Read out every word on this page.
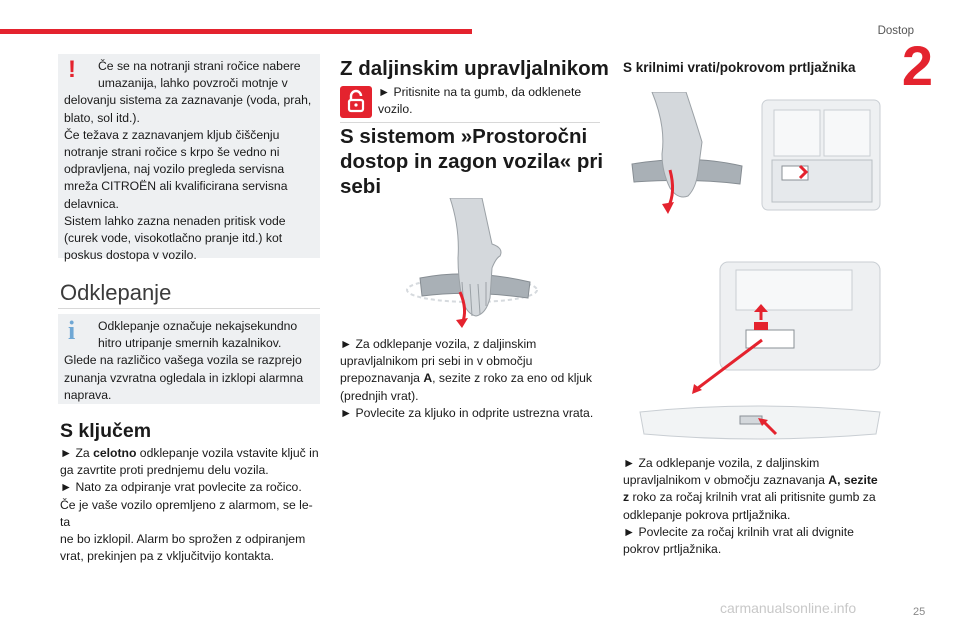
Dostop
2
!	Če se na notranji strani ročice nabere

umazanija, lahko povzroči motnje v

delovanju sistema za zaznavanje (voda, prah,

blato, sol itd.).

Če težava z zaznavanjem kljub čiščenju

notranje strani ročice s krpo še vedno ni

odpravljena, naj vozilo pregleda servisna

mreža CITROËN ali kvalificirana servisna

delavnica.

Sistem lahko zazna nenaden pritisk vode

(curek vode, visokotlačno pranje itd.) kot

poskus dostopa v vozilo.

Odklepanje
i	Odklepanje označuje nekajsekundno

hitro utripanje smernih kazalnikov.

Glede na različico vašega vozila se razprejo

zunanja vzvratna ogledala in izklopi alarmna

naprava.

S ključem

► Za celotno odklepanje vozila vstavite ključ in

ga zavrtite proti prednjemu delu vozila.

► Nato za odpiranje vrat povlecite za ročico.

Če je vaše vozilo opremljeno z alarmom, se le-ta

ne bo izklopil. Alarm bo sprožen z odpiranjem

vrat, prekinjen pa z vključitvijo kontakta.

Z daljinskim upravljalnikom

► Pritisnite na ta gumb, da odklenete

vozilo.

S sistemom »Prostoročni
dostop in zagon vozila« pri
sebi

► Za odklepanje vozila, z daljinskim

upravljalnikom pri sebi in v območju

prepoznavanja A, sezite z roko za eno od kljuk

(prednjih vrat).

► Povlecite za kljuko in odprite ustrezna vrata.

S krilnimi vrati/pokrovom prtljažnika

► Za odklepanje vozila, z daljinskim

upravljalnikom v območju zaznavanja A, sezite

z roko za ročaj krilnih vrat ali pritisnite gumb za

odklepanje pokrova prtljažnika.

► Povlecite za ročaj krilnih vrat ali dvignite

pokrov prtljažnika.

carmanualsonline.info	25
